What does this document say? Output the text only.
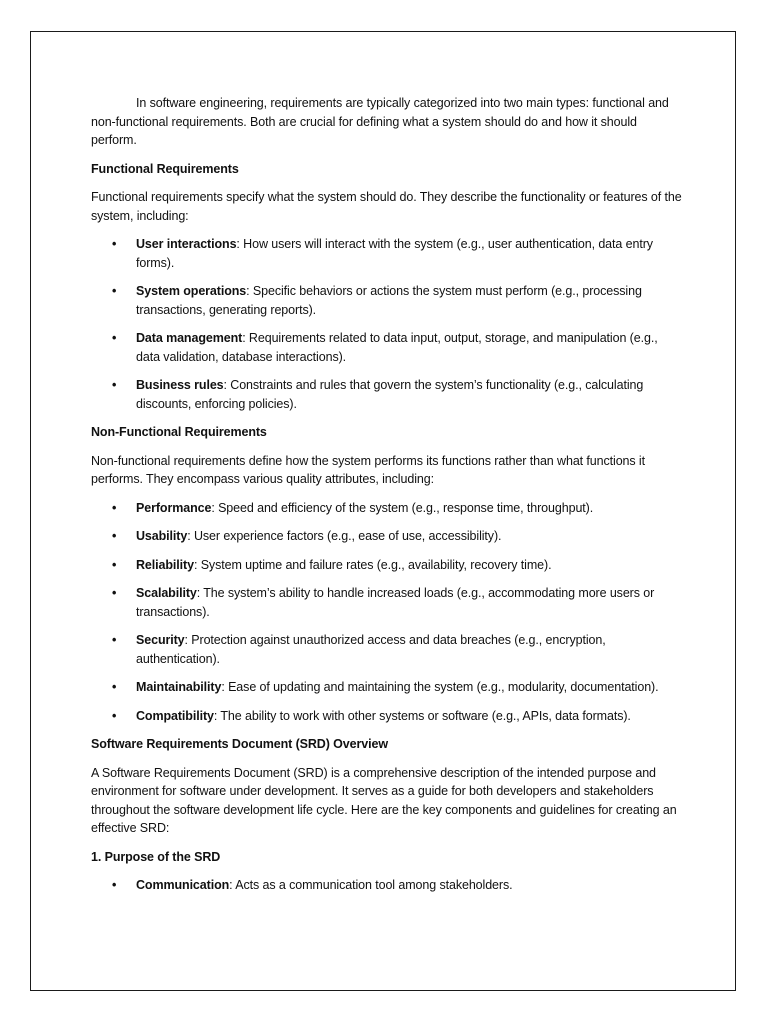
In software engineering, requirements are typically categorized into two main types: functional and non-functional requirements. Both are crucial for defining what a system should do and how it should perform.

Functional Requirements

Functional requirements specify what the system should do. They describe the functionality or features of the system, including:

• User interactions: How users will interact with the system (e.g., user authentication, data entry forms).
• System operations: Specific behaviors or actions the system must perform (e.g., processing transactions, generating reports).
• Data management: Requirements related to data input, output, storage, and manipulation (e.g., data validation, database interactions).
• Business rules: Constraints and rules that govern the system’s functionality (e.g., calculating discounts, enforcing policies).
Non-Functional Requirements

Non-functional requirements define how the system performs its functions rather than what functions it performs. They encompass various quality attributes, including:

• Performance: Speed and efficiency of the system (e.g., response time, throughput).
• Usability: User experience factors (e.g., ease of use, accessibility).
• Reliability: System uptime and failure rates (e.g., availability, recovery time).
• Scalability: The system’s ability to handle increased loads (e.g., accommodating more users or transactions).
• Security: Protection against unauthorized access and data breaches (e.g., encryption, authentication).
• Maintainability: Ease of updating and maintaining the system (e.g., modularity, documentation).
• Compatibility: The ability to work with other systems or software (e.g., APIs, data formats).
Software Requirements Document (SRD) Overview

A Software Requirements Document (SRD) is a comprehensive description of the intended purpose and environment for software under development. It serves as a guide for both developers and stakeholders throughout the software development life cycle. Here are the key components and guidelines for creating an effective SRD:

1. Purpose of the SRD
• Communication: Acts as a communication tool among stakeholders.
